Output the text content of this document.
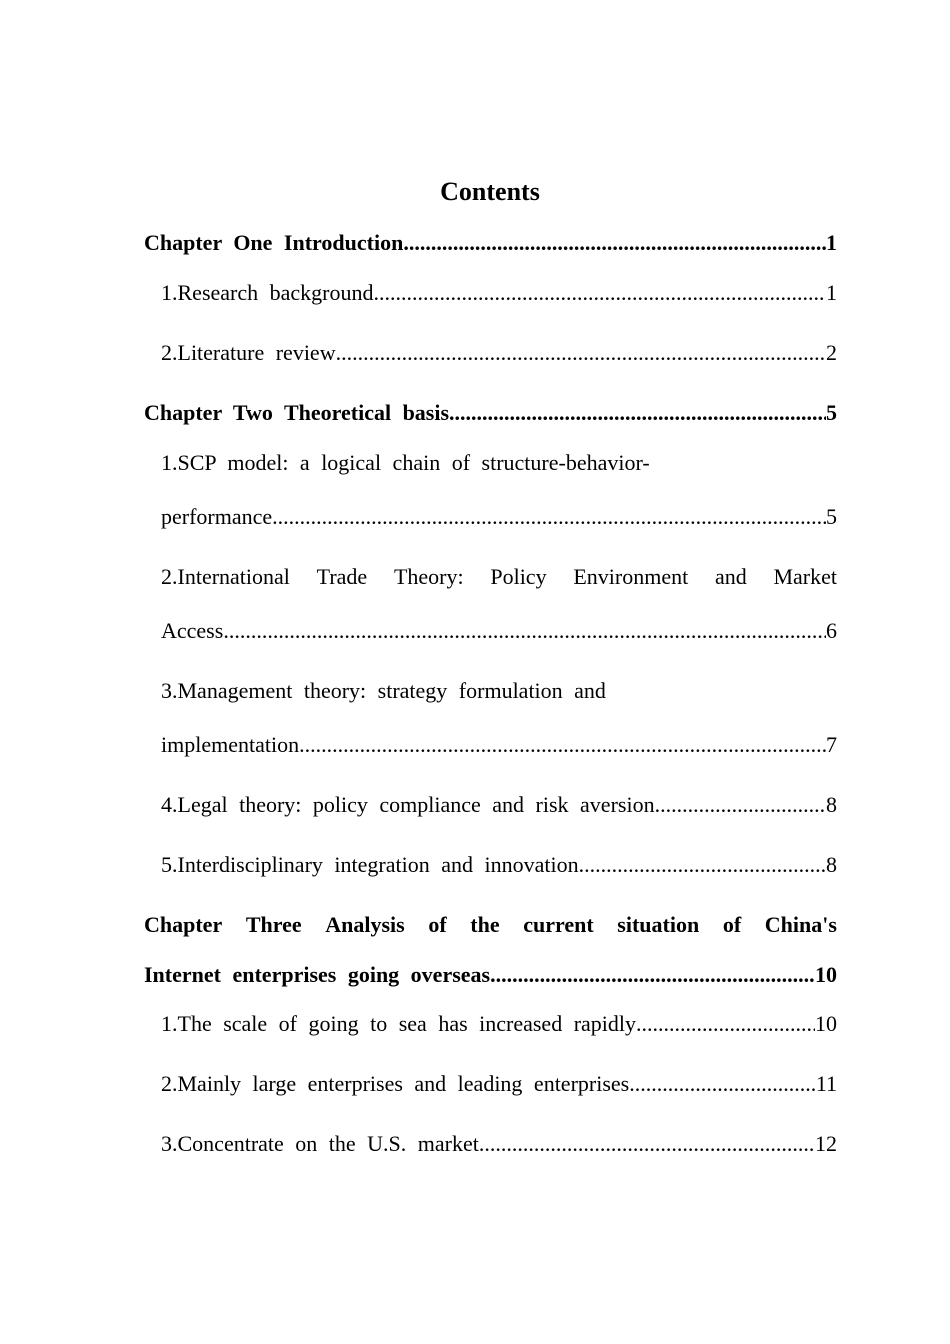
Contents
Chapter One Introduction .....	1
1.Research background .....	1
2.Literature review .....	2
Chapter Two Theoretical basis .....	5
1.SCP model: a logical chain of structure-behavior-
performance .....	5
2.International Trade Theory: Policy Environment and Market
Access .....	6
3.Management theory: strategy formulation and
implementation .....	7
4.Legal theory: policy compliance and risk aversion .....	8
5.Interdisciplinary integration and innovation .....	8
Chapter Three Analysis of the current situation of China's
Internet enterprises going overseas .....	10
1.The scale of going to sea has increased rapidly .....	10
2.Mainly large enterprises and leading enterprises .....	11
3.Concentrate on the U.S. market .....	12
